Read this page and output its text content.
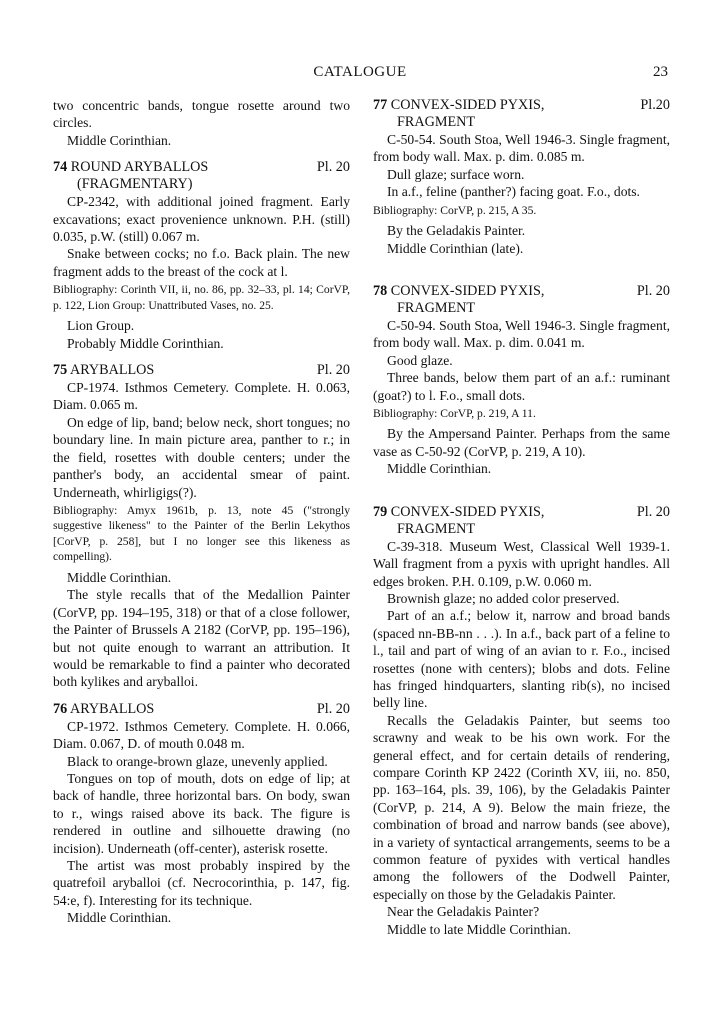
CATALOGUE	23

two concentric bands, tongue rosette around two circles.

Middle Corinthian.

74 ROUND ARYBALLOS	Pl. 20
(FRAGMENTARY)

CP-2342, with additional joined fragment. Early excavations; exact provenience unknown. P.H. (still) 0.035, p.W. (still) 0.067 m.

Snake between cocks; no f.o. Back plain. The new fragment adds to the breast of the cock at l.

Bibliography: Corinth VII, ii, no. 86, pp. 32–33, pl. 14; CorVP, p. 122, Lion Group: Unattributed Vases, no. 25.

Lion Group.

Probably Middle Corinthian.

75 ARYBALLOS	Pl. 20

CP-1974. Isthmos Cemetery. Complete. H. 0.063, Diam. 0.065 m.

On edge of lip, band; below neck, short tongues; no boundary line. In main picture area, panther to r.; in the field, rosettes with double centers; under the panther's body, an accidental smear of paint. Underneath, whirligigs(?).

Bibliography: Amyx 1961b, p. 13, note 45 ("strongly suggestive likeness" to the Painter of the Berlin Lekythos [CorVP, p. 258], but I no longer see this likeness as compelling).

Middle Corinthian.

The style recalls that of the Medallion Painter (CorVP, pp. 194–195, 318) or that of a close follower, the Painter of Brussels A 2182 (CorVP, pp. 195–196), but not quite enough to warrant an attribution. It would be remarkable to find a painter who decorated both kylikes and aryballoi.

76 ARYBALLOS	Pl. 20

CP-1972. Isthmos Cemetery. Complete. H. 0.066, Diam. 0.067, D. of mouth 0.048 m.

Black to orange-brown glaze, unevenly applied.

Tongues on top of mouth, dots on edge of lip; at back of handle, three horizontal bars. On body, swan to r., wings raised above its back. The figure is rendered in outline and silhouette drawing (no incision). Underneath (off-center), asterisk rosette.

The artist was most probably inspired by the quatrefoil aryballoi (cf. Necrocorinthia, p. 147, fig. 54:e, f). Interesting for its technique.

Middle Corinthian.

77 CONVEX-SIDED PYXIS,	Pl.20
FRAGMENT

C-50-54. South Stoa, Well 1946-3. Single fragment, from body wall. Max. p. dim. 0.085 m.

Dull glaze; surface worn.

In a.f., feline (panther?) facing goat. F.o., dots.

Bibliography: CorVP, p. 215, A 35.

By the Geladakis Painter.

Middle Corinthian (late).

78 CONVEX-SIDED PYXIS,	Pl. 20
FRAGMENT

C-50-94. South Stoa, Well 1946-3. Single fragment, from body wall. Max. p. dim. 0.041 m.

Good glaze.

Three bands, below them part of an a.f.: ruminant (goat?) to l. F.o., small dots.

Bibliography: CorVP, p. 219, A 11.

By the Ampersand Painter. Perhaps from the same vase as C-50-92 (CorVP, p. 219, A 10).

Middle Corinthian.

79 CONVEX-SIDED PYXIS,	Pl. 20
FRAGMENT

C-39-318. Museum West, Classical Well 1939-1. Wall fragment from a pyxis with upright handles. All edges broken. P.H. 0.109, p.W. 0.060 m.

Brownish glaze; no added color preserved.

Part of an a.f.; below it, narrow and broad bands (spaced nn-BB-nn . . .). In a.f., back part of a feline to l., tail and part of wing of an avian to r. F.o., incised rosettes (none with centers); blobs and dots. Feline has fringed hindquarters, slanting rib(s), no incised belly line.

Recalls the Geladakis Painter, but seems too scrawny and weak to be his own work. For the general effect, and for certain details of rendering, compare Corinth KP 2422 (Corinth XV, iii, no. 850, pp. 163–164, pls. 39, 106), by the Geladakis Painter (CorVP, p. 214, A 9). Below the main frieze, the combination of broad and narrow bands (see above), in a variety of syntactical arrangements, seems to be a common feature of pyxides with vertical handles among the followers of the Dodwell Painter, especially on those by the Geladakis Painter.

Near the Geladakis Painter?

Middle to late Middle Corinthian.
